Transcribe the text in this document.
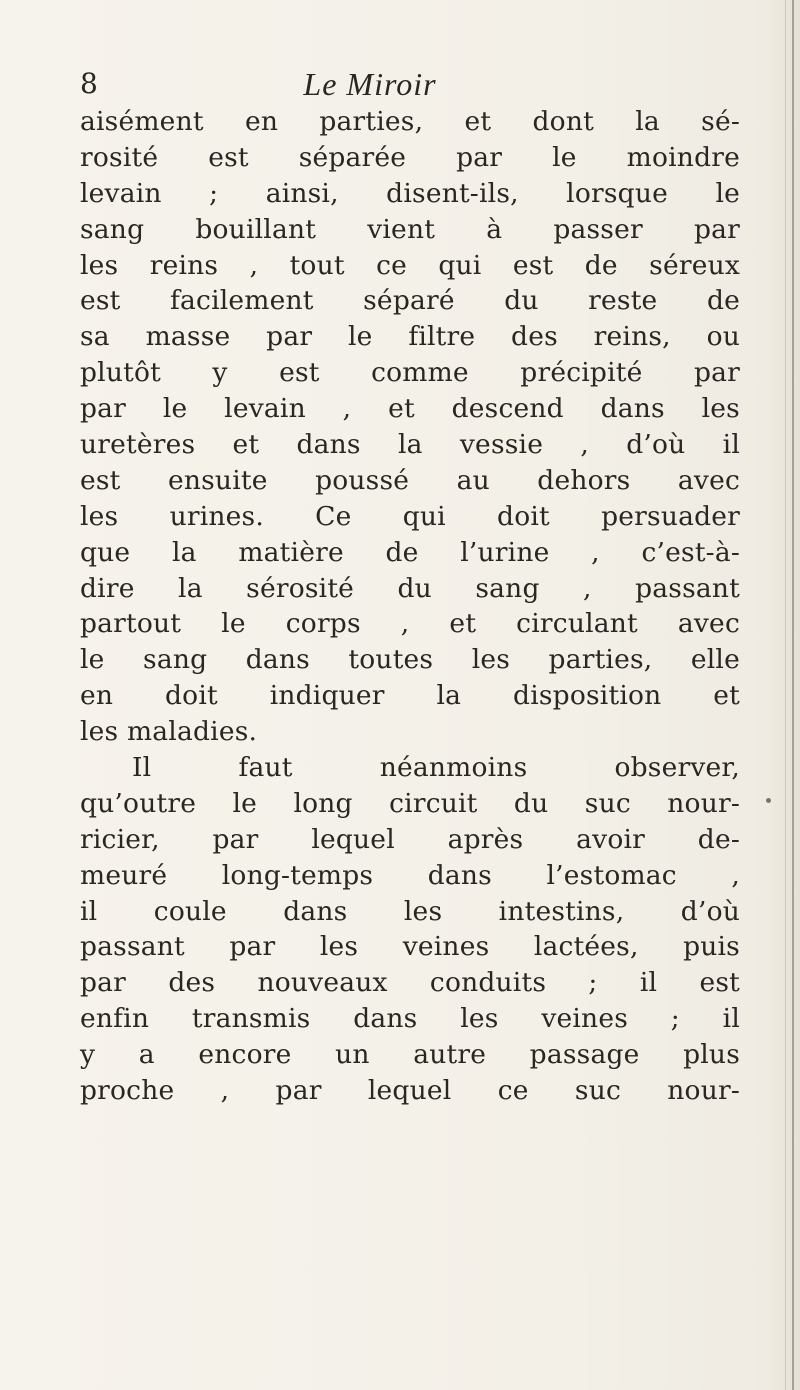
8	Le Miroir
aisément en parties, et dont la sé-
rosité est séparée par le moindre
levain ; ainsi, disent-ils, lorsque le
sang bouillant vient à passer par
les reins , tout ce qui est de séreux
est facilement séparé du reste de
sa masse par le filtre des reins, ou
plutôt y est comme précipité par
par le levain , et descend dans les
uretères et dans la vessie , d’où il
est ensuite poussé au dehors avec
les urines. Ce qui doit persuader
que la matière de l’urine , c’est-à-
dire la sérosité du sang , passant
partout le corps , et circulant avec
le sang dans toutes les parties, elle
en doit indiquer la disposition et
les maladies.
Il faut néanmoins observer,
qu’outre le long circuit du suc nour-
ricier, par lequel après avoir de-
meuré long-temps dans l’estomac ,
il coule dans les intestins, d’où
passant par les veines lactées, puis
par des nouveaux conduits ; il est
enfin transmis dans les veines ; il
y a encore un autre passage plus
proche , par lequel ce suc nour-
